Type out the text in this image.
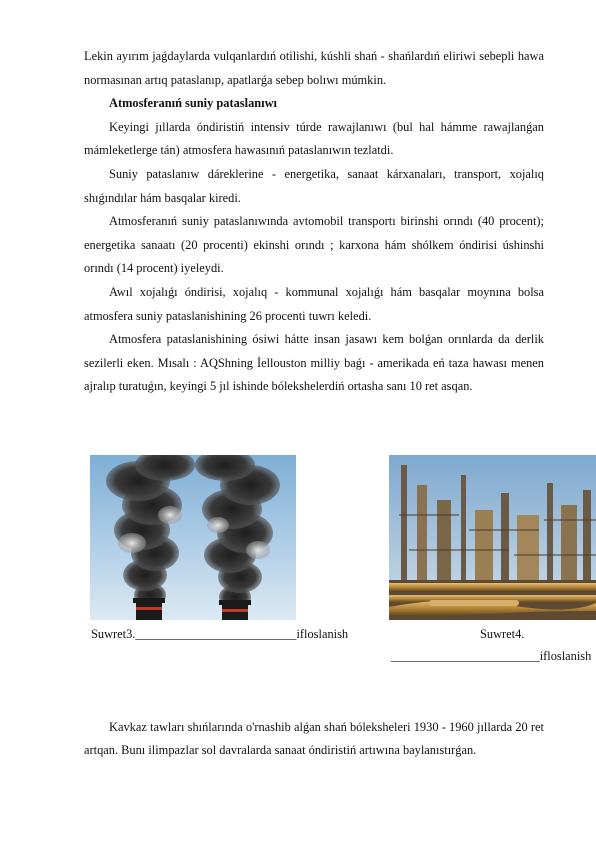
Lekin ayırım jaǵdaylarda vulqanlardıń otilishi, kúshli shań - shańlardıń eliriwi sebepli hawa normasınan artıq pataslanıp, apatlarǵa sebep bolıwı múmkin.

Atmosferanıń suniy pataslanıwı

Keyingi jıllarda óndiristiń intensiv túrde rawajlanıwı (bul hal hámme rawajlanǵan mámleketlerge tán) atmosfera hawasınıń pataslanıwın tezlatdi.

Suniy pataslanıw dáreklerine - energetika, sanaat kárxanaları, transport, xojalıq shıǵındılar hám basqalar kiredi.

Atmosferanıń suniy pataslanıwında avtomobil transportı birinshi orındı (40 procent); energetika sanaatı (20 procenti) ekinshi orındı ; karxona hám shólkem óndirisi úshinshi orındı (14 procent) iyeleydi.

Awıl xojalıǵı óndirisi, xojalıq - kommunal xojalıǵı hám basqalar moynına bolsa atmosfera suniy pataslanishining 26 procenti tuwrı keledi.

Atmosfera pataslanishining ósiwi hátte insan jasawı kem bolǵan orınlarda da derlik sezilerli eken. Mısalı : AQShning İellouston milliy baǵı - amerikada eń taza hawası menen ajralıp turatuǵın, keyingi 5 jıl ishinde bólekshelerdiń ortasha sanı 10 ret asqan.

Suwret3.__________________________ifloslanish	Suwret4.
________________________ifloslanish

Kavkaz tawları shıńlarında o'rnashib alǵan shań bóleksheleri 1930 - 1960 jıllarda 20 ret artqan. Bunı ilimpazlar sol davralarda sanaat óndiristiń artıwına baylanıstırǵan.
